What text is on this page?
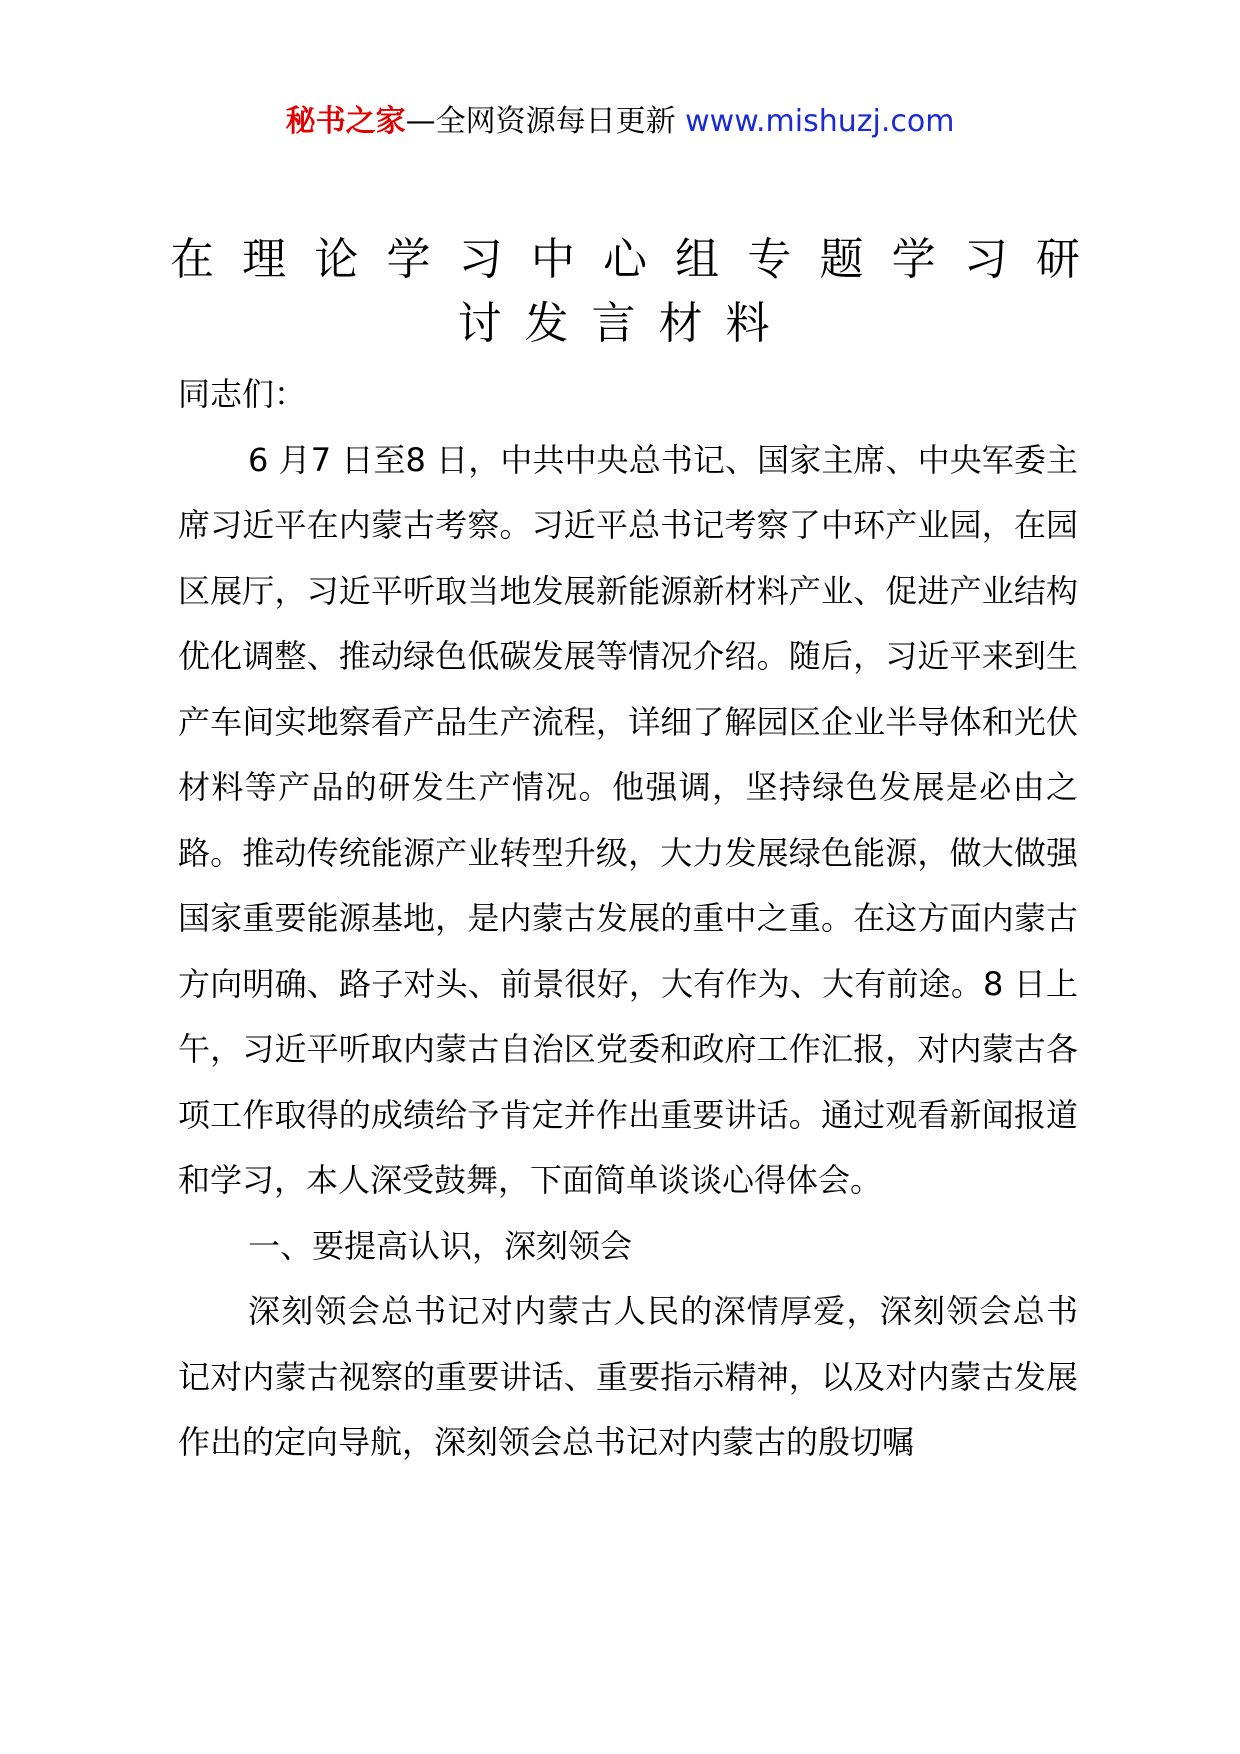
秘书之家—全网资源每日更新 www.mishuzj.com
在理论学习中心组专题学习研
讨发言材料

同志们：

6 月7 日至8 日，中共中央总书记、国家主席、中央军委主席习近平在内蒙古考察。习近平总书记考察了中环产业园，在园区展厅，习近平听取当地发展新能源新材料产业、促进产业结构优化调整、推动绿色低碳发展等情况介绍。随后，习近平来到生产车间实地察看产品生产流程，详细了解园区企业半导体和光伏材料等产品的研发生产情况。他强调，坚持绿色发展是必由之路。推动传统能源产业转型升级，大力发展绿色能源，做大做强国家重要能源基地，是内蒙古发展的重中之重。在这方面内蒙古方向明确、路子对头、前景很好，大有作为、大有前途。8 日上午，习近平听取内蒙古自治区党委和政府工作汇报，对内蒙古各项工作取得的成绩给予肯定并作出重要讲话。通过观看新闻报道和学习，本人深受鼓舞，下面简单谈谈心得体会。

一、要提高认识，深刻领会

深刻领会总书记对内蒙古人民的深情厚爱，深刻领会总书记对内蒙古视察的重要讲话、重要指示精神，以及对内蒙古发展作出的定向导航，深刻领会总书记对内蒙古的殷切嘱
